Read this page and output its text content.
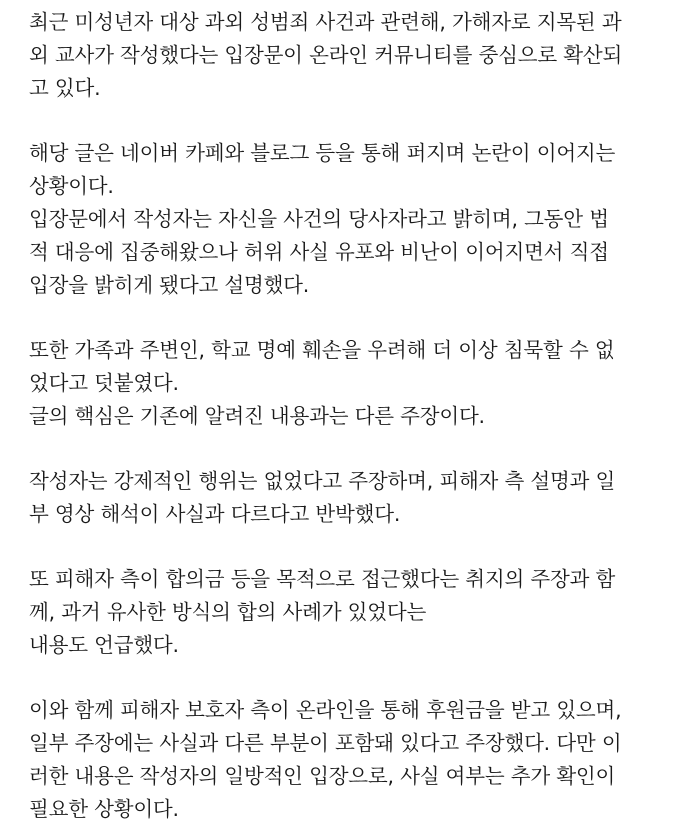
최근 미성년자 대상 과외 성범죄 사건과 관련해, 가해자로 지목된 과
외 교사가 작성했다는 입장문이 온라인 커뮤니티를 중심으로 확산되
고 있다.
해당 글은 네이버 카페와 블로그 등을 통해 퍼지며 논란이 이어지는
상황이다.
입장문에서 작성자는 자신을 사건의 당사자라고 밝히며, 그동안 법
적 대응에 집중해왔으나 허위 사실 유포와 비난이 이어지면서 직접
입장을 밝히게 됐다고 설명했다.
또한 가족과 주변인, 학교 명예 훼손을 우려해 더 이상 침묵할 수 없
었다고 덧붙였다.
글의 핵심은 기존에 알려진 내용과는 다른 주장이다.
작성자는 강제적인 행위는 없었다고 주장하며, 피해자 측 설명과 일
부 영상 해석이 사실과 다르다고 반박했다.
또 피해자 측이 합의금 등을 목적으로 접근했다는 취지의 주장과 함
께, 과거 유사한 방식의 합의 사례가 있었다는
내용도 언급했다.
이와 함께 피해자 보호자 측이 온라인을 통해 후원금을 받고 있으며,
일부 주장에는 사실과 다른 부분이 포함돼 있다고 주장했다. 다만 이
러한 내용은 작성자의 일방적인 입장으로, 사실 여부는 추가 확인이
필요한 상황이다.
